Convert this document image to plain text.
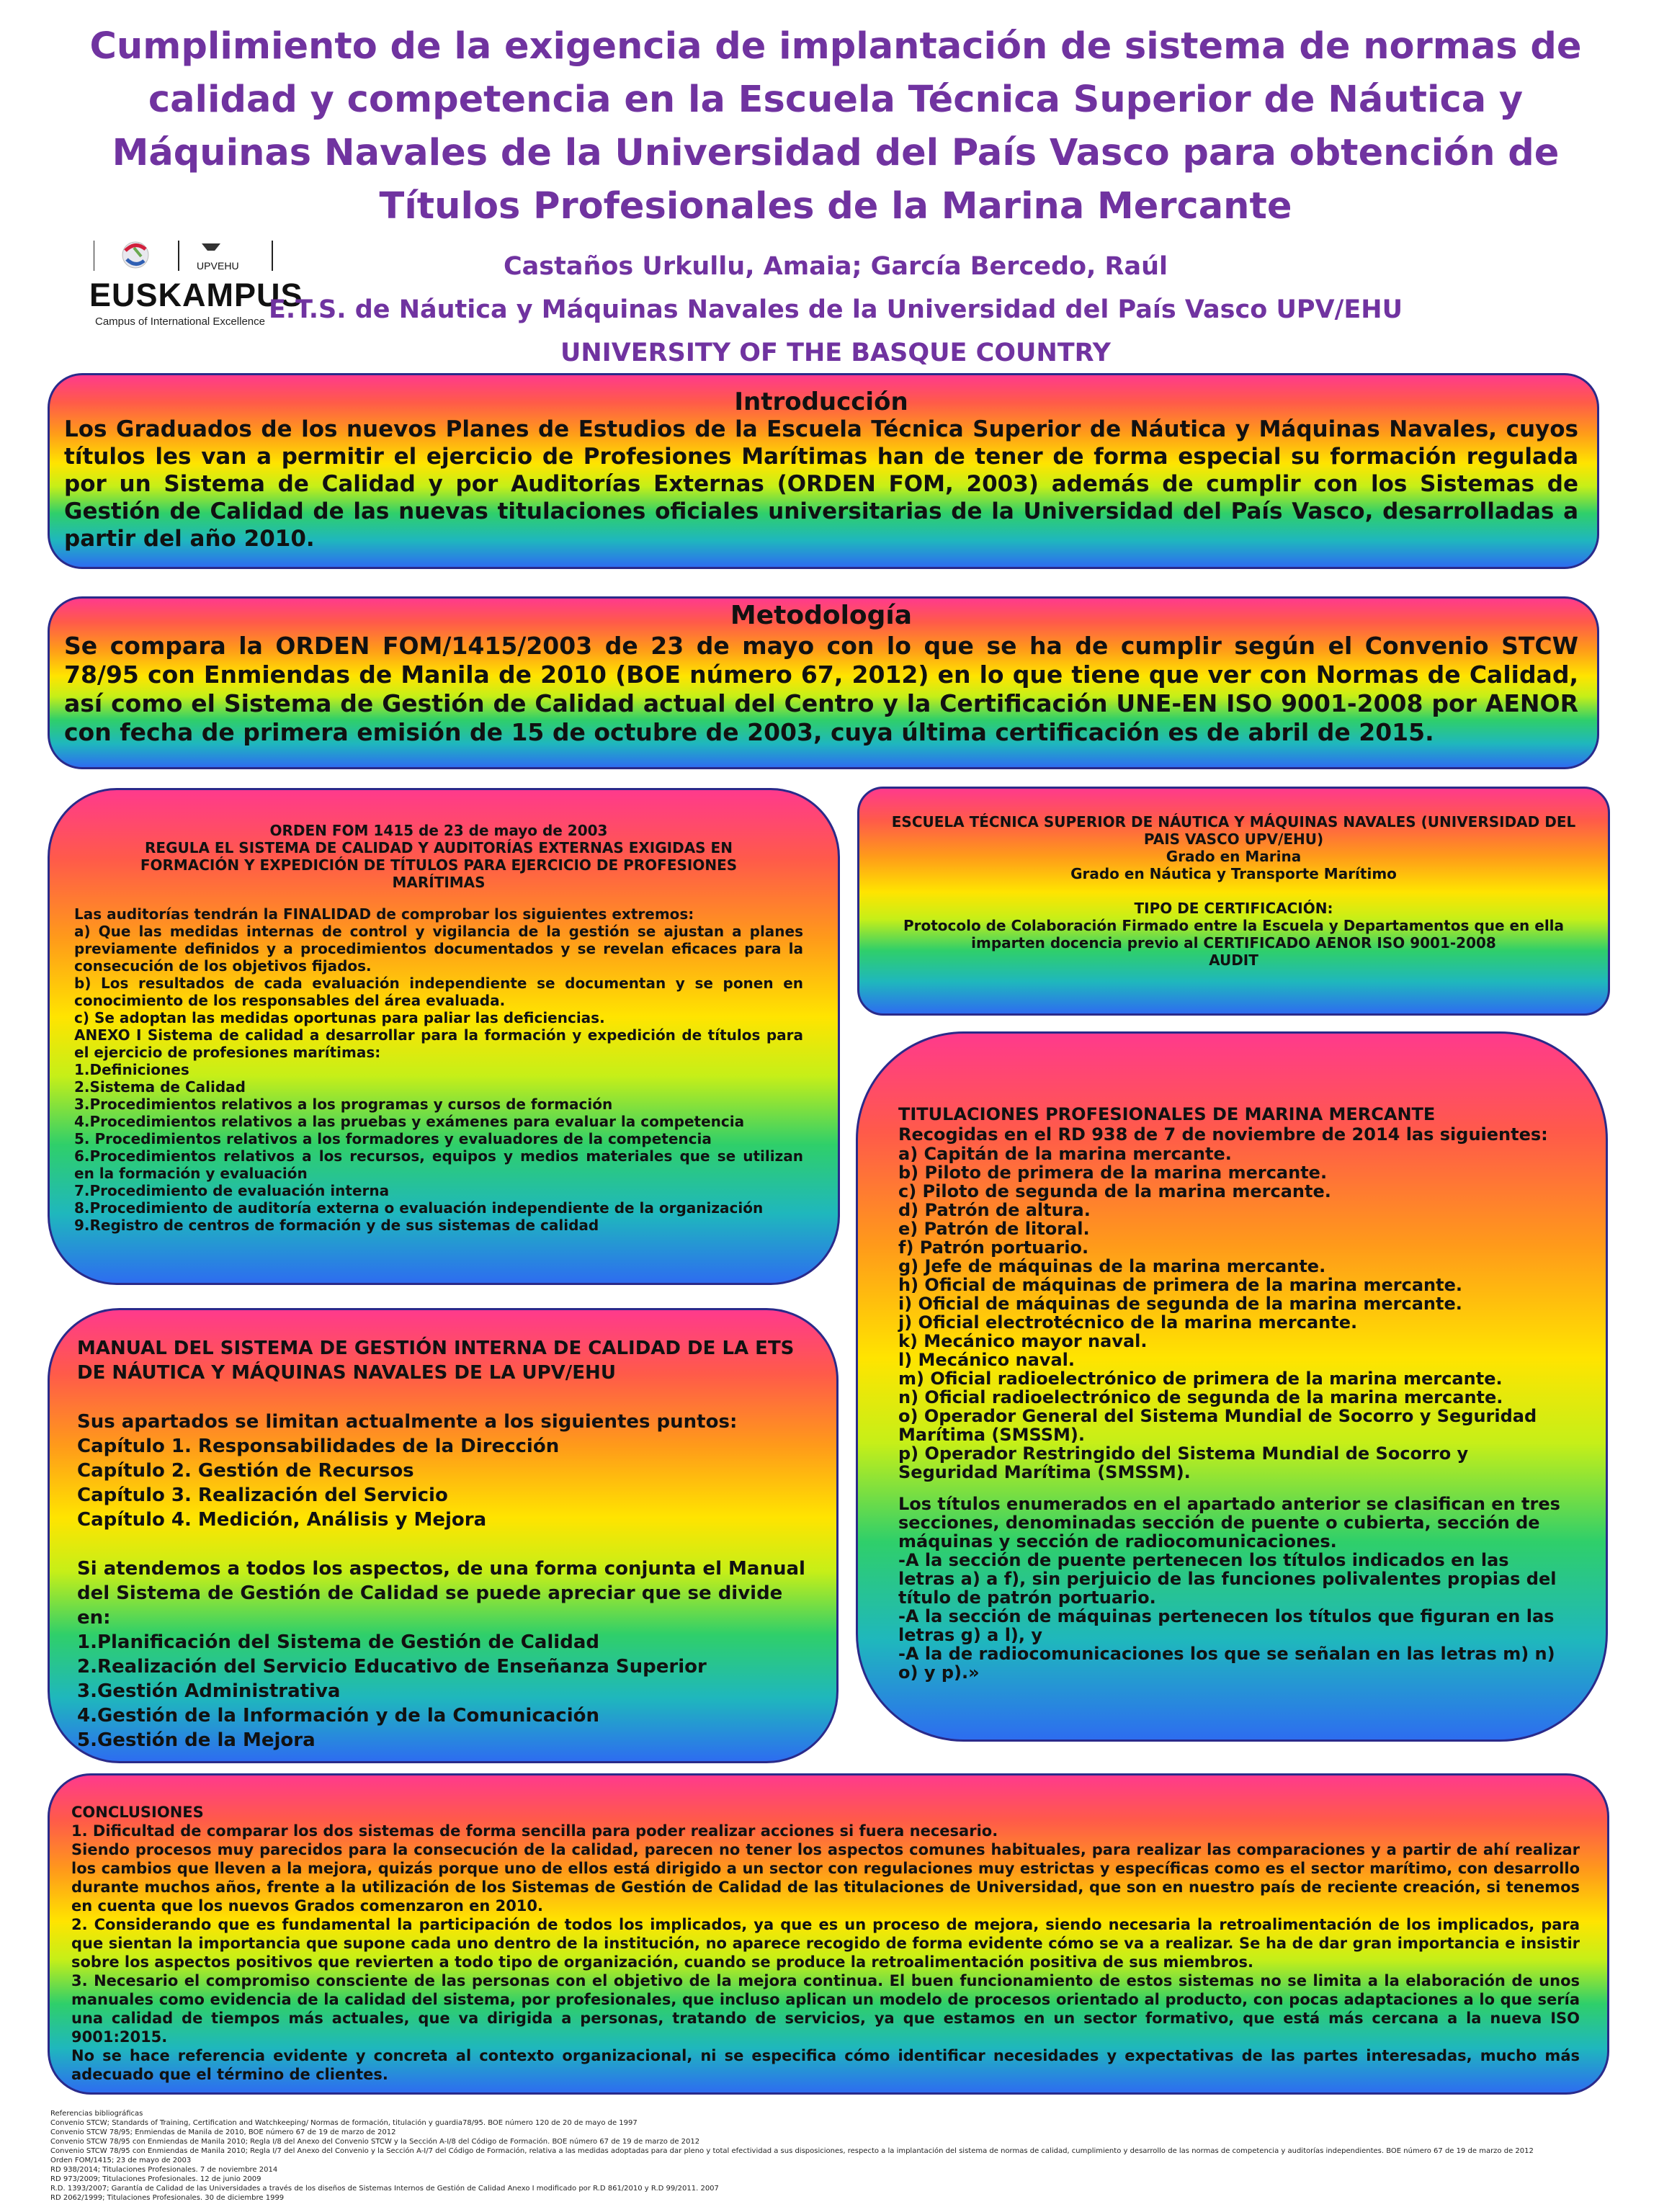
Cumplimiento de la exigencia de implantación de sistema de normas de calidad y competencia en la Escuela Técnica Superior de Náutica y Máquinas Navales de la Universidad del País Vasco para obtención de Títulos Profesionales de la Marina Mercante
UPV EHU
EUSKAMPUS
Campus of International Excellence
Castaños Urkullu, Amaia; García Bercedo, Raúl
E.T.S. de Náutica y Máquinas Navales de la Universidad del País Vasco UPV/EHU
UNIVERSITY OF THE BASQUE COUNTRY
Introducción

Los Graduados de los nuevos Planes de Estudios de la Escuela Técnica Superior de Náutica y Máquinas Navales, cuyos títulos les van a permitir el ejercicio de Profesiones Marítimas han de tener de forma especial su formación regulada por un Sistema de Calidad y por Auditorías Externas (ORDEN FOM, 2003) además de cumplir con los Sistemas de Gestión de Calidad de las nuevas titulaciones oficiales universitarias de la Universidad del País Vasco, desarrolladas a partir del año 2010.

Metodología

Se compara la ORDEN FOM/1415/2003 de 23 de mayo con lo que se ha de cumplir según el Convenio STCW 78/95 con Enmiendas de Manila de 2010 (BOE número 67, 2012) en lo que tiene que ver con Normas de Calidad, así como el Sistema de Gestión de Calidad actual del Centro y la Certificación UNE-EN ISO 9001-2008 por AENOR con fecha de primera emisión de 15 de octubre de 2003, cuya última certificación es de abril de 2015.

ORDEN FOM 1415 de 23 de mayo de 2003
REGULA EL SISTEMA DE CALIDAD Y AUDITORÍAS EXTERNAS EXIGIDAS EN FORMACIÓN Y EXPEDICIÓN DE TÍTULOS PARA EJERCICIO DE PROFESIONES MARÍTIMAS
Las auditorías tendrán la FINALIDAD de comprobar los siguientes extremos:
a) Que las medidas internas de control y vigilancia de la gestión se ajustan a planes previamente definidos y a procedimientos documentados y se revelan eficaces para la consecución de los objetivos fijados.
b) Los resultados de cada evaluación independiente se documentan y se ponen en conocimiento de los responsables del área evaluada.
c) Se adoptan las medidas oportunas para paliar las deficiencias.
ANEXO I Sistema de calidad a desarrollar para la formación y expedición de títulos para el ejercicio de profesiones marítimas:
1.Definiciones
2.Sistema de Calidad
3.Procedimientos relativos a los programas y cursos de formación
4.Procedimientos relativos a las pruebas y exámenes para evaluar la competencia
5. Procedimientos relativos a los formadores y evaluadores de la competencia
6.Procedimientos relativos a los recursos, equipos y medios materiales que se utilizan en la formación y evaluación
7.Procedimiento de evaluación interna
8.Procedimiento de auditoría externa o evaluación independiente de la organización
9.Registro de centros de formación y de sus sistemas de calidad
ESCUELA TÉCNICA SUPERIOR DE NÁUTICA Y MÁQUINAS NAVALES (UNIVERSIDAD DEL PAIS VASCO UPV/EHU)
Grado en Marina
Grado en Náutica y Transporte Marítimo
TIPO DE CERTIFICACIÓN:
Protocolo de Colaboración Firmado entre la Escuela y Departamentos que en ella imparten docencia previo al CERTIFICADO AENOR ISO 9001-2008
AUDIT
TITULACIONES PROFESIONALES DE MARINA MERCANTE
Recogidas en el RD 938 de 7 de noviembre de 2014 las siguientes:
a) Capitán de la marina mercante.
b) Piloto de primera de la marina mercante.
c) Piloto de segunda de la marina mercante.
d) Patrón de altura.
e) Patrón de litoral.
f) Patrón portuario.
g) Jefe de máquinas de la marina mercante.
h) Oficial de máquinas de primera de la marina mercante.
i) Oficial de máquinas de segunda de la marina mercante.
j) Oficial electrotécnico de la marina mercante.
k) Mecánico mayor naval.
l) Mecánico naval.
m) Oficial radioelectrónico de primera de la marina mercante.
n) Oficial radioelectrónico de segunda de la marina mercante.
o) Operador General del Sistema Mundial de Socorro y Seguridad Marítima (SMSSM).
p) Operador Restringido del Sistema Mundial de Socorro y Seguridad Marítima (SMSSM).
Los títulos enumerados en el apartado anterior se clasifican en tres secciones, denominadas sección de puente o cubierta, sección de máquinas y sección de radiocomunicaciones.
-A la sección de puente pertenecen los títulos indicados en las letras a) a f), sin perjuicio de las funciones polivalentes propias del título de patrón portuario.
-A la sección de máquinas pertenecen los títulos que figuran en las letras g) a l), y
-A la de radiocomunicaciones los que se señalan en las letras m) n) o) y p).»
MANUAL DEL SISTEMA DE GESTIÓN INTERNA DE CALIDAD DE LA ETS DE NÁUTICA Y MÁQUINAS NAVALES DE LA UPV/EHU
Sus apartados se limitan actualmente a los siguientes puntos:
Capítulo 1. Responsabilidades de la Dirección
Capítulo 2. Gestión de Recursos
Capítulo 3. Realización del Servicio
Capítulo 4. Medición, Análisis y Mejora
Si atendemos a todos los aspectos, de una forma conjunta el Manual del Sistema de Gestión de Calidad se puede apreciar que se divide en:
1.Planificación del Sistema de Gestión de Calidad
2.Realización del Servicio Educativo de Enseñanza Superior
3.Gestión Administrativa
4.Gestión de la Información y de la Comunicación
5.Gestión de la Mejora
CONCLUSIONES

1. Dificultad de comparar los dos sistemas de forma sencilla para poder realizar acciones si fuera necesario.

Siendo procesos muy parecidos para la consecución de la calidad, parecen no tener los aspectos comunes habituales, para realizar las comparaciones y a partir de ahí realizar los cambios que lleven a la mejora, quizás porque uno de ellos está dirigido a un sector con regulaciones muy estrictas y específicas como es el sector marítimo, con desarrollo durante muchos años, frente a la utilización de los Sistemas de Gestión de Calidad de las titulaciones de Universidad, que son en nuestro país de reciente creación, si tenemos en cuenta que los nuevos Grados comenzaron en 2010.

2. Considerando que es fundamental la participación de todos los implicados, ya que es un proceso de mejora, siendo necesaria la retroalimentación de los implicados, para que sientan la importancia que supone cada uno dentro de la institución, no aparece recogido de forma evidente cómo se va a realizar. Se ha de dar gran importancia e insistir sobre los aspectos positivos que revierten a todo tipo de organización, cuando se produce la retroalimentación positiva de sus miembros.

3. Necesario el compromiso consciente de las personas con el objetivo de la mejora continua. El buen funcionamiento de estos sistemas no se limita a la elaboración de unos manuales como evidencia de la calidad del sistema, por profesionales, que incluso aplican un modelo de procesos orientado al producto, con pocas adaptaciones a lo que sería una calidad de tiempos más actuales, que va dirigida a personas, tratando de servicios, ya que estamos en un sector formativo, que está más cercana a la nueva ISO 9001:2015.

No se hace referencia evidente y concreta al contexto organizacional, ni se especifica cómo identificar necesidades y expectativas de las partes interesadas, mucho más adecuado que el término de clientes.

Referencias bibliográficas
Convenio STCW; Standards of Training, Certification and Watchkeeping/ Normas de formación, titulación y guardia78/95. BOE número 120 de 20 de mayo de 1997
Convenio STCW 78/95; Enmiendas de Manila de 2010, BOE número 67 de 19 de marzo de 2012
Convenio STCW 78/95 con Enmiendas de Manila 2010; Regla I/8 del Anexo del Convenio STCW y la Sección A-I/8 del Código de Formación. BOE número 67 de 19 de marzo de 2012
Convenio STCW 78/95 con Enmiendas de Manila 2010; Regla I/7 del Anexo del Convenio y la Sección A-I/7 del Código de Formación, relativa a las medidas adoptadas para dar pleno y total efectividad a sus disposiciones, respecto a la implantación del sistema de normas de calidad, cumplimiento y desarrollo de las normas de competencia y auditorías independientes. BOE número 67 de 19 de marzo de 2012
Orden FOM/1415; 23 de mayo de 2003
RD 938/2014; Titulaciones Profesionales. 7 de noviembre 2014
RD 973/2009; Titulaciones Profesionales. 12 de junio 2009
R.D. 1393/2007; Garantía de Calidad de las Universidades a través de los diseños de Sistemas Internos de Gestión de Calidad Anexo I modificado por R.D 861/2010 y R.D 99/2011. 2007
RD 2062/1999; Titulaciones Profesionales. 30 de diciembre 1999
